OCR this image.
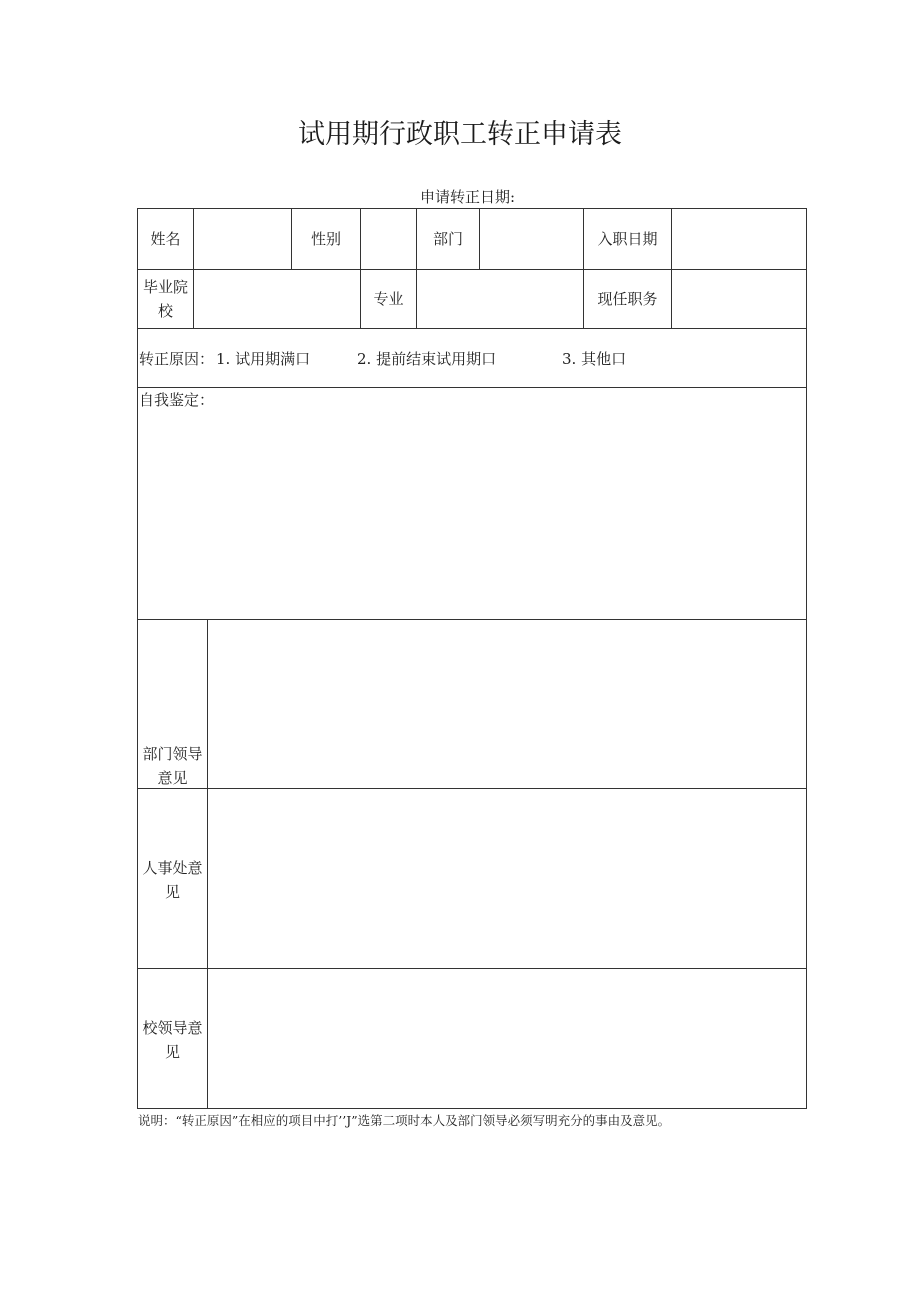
试用期行政职工转正申请表
申请转正日期:
姓名	性别	部门	入职日期
毕业院
校
专业	现任职务
转正原因： 1. 试用期满口	2. 提前结束试用期口	3. 其他口
自我鉴定：
部门领导
意见
人事处意
见
校领导意
见
说明：“转正原因”在相应的项目中打’’J”选第二项时本人及部门领导必须写明充分的事由及意见。
